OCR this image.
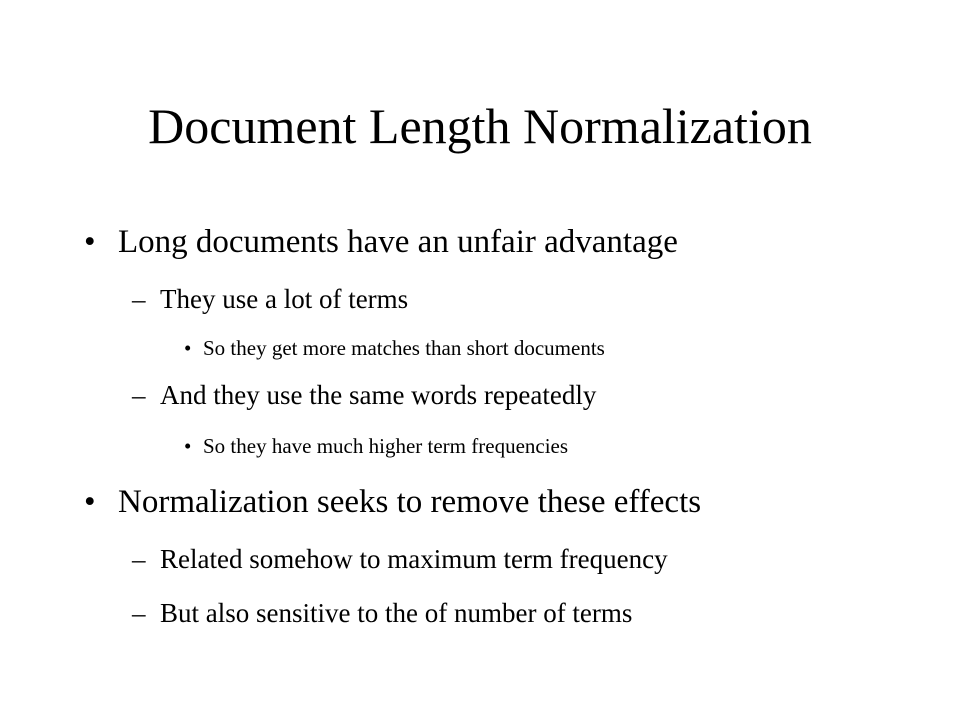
Document Length Normalization
• Long documents have an unfair advantage

– They use a lot of terms

• So they get more matches than short documents

– And they use the same words repeatedly

• So they have much higher term frequencies

• Normalization seeks to remove these effects

– Related somehow to maximum term frequency

– But also sensitive to the of number of terms
